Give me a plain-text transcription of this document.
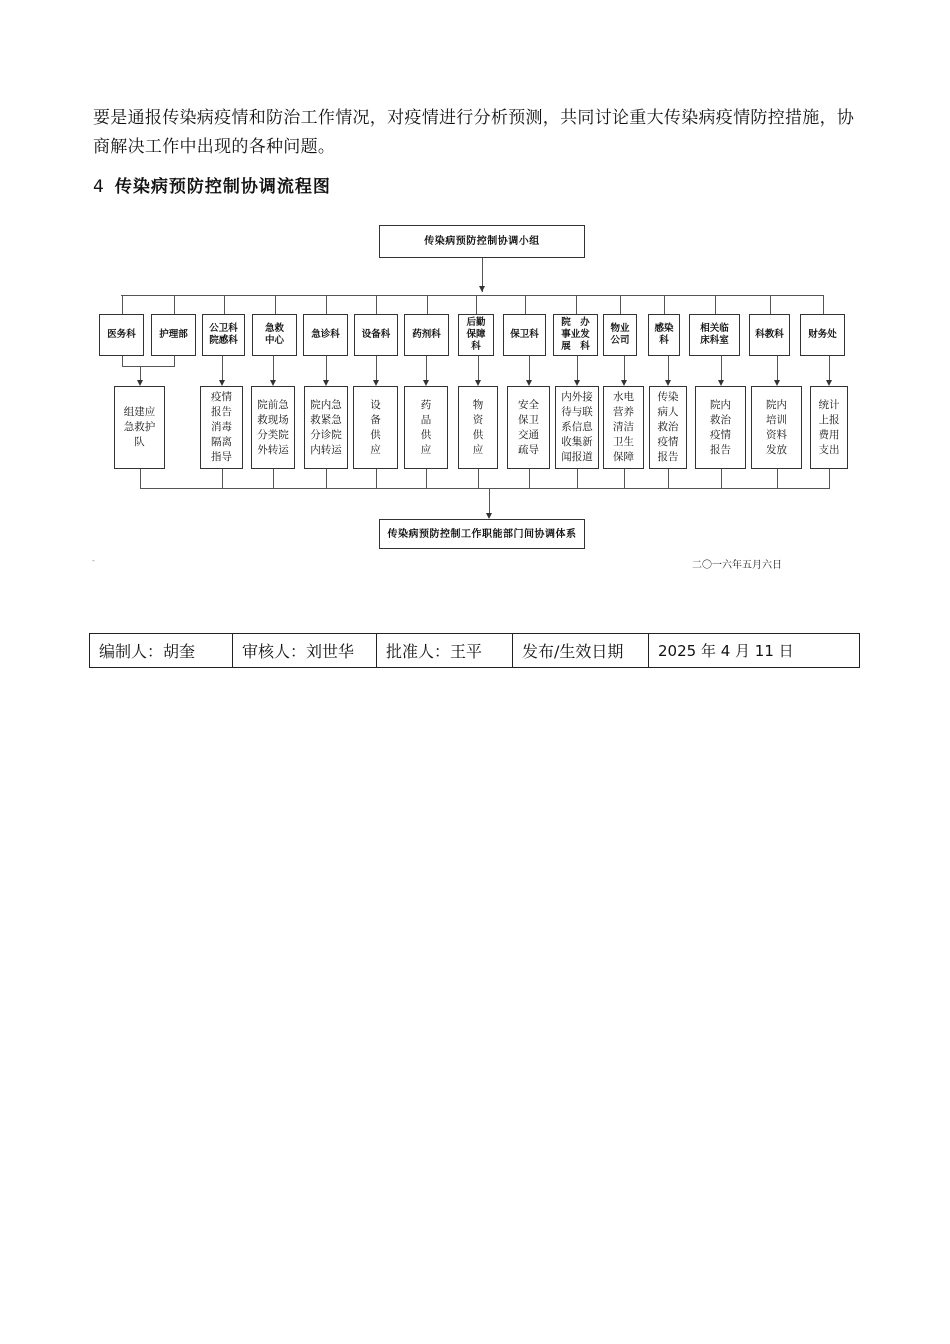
要是通报传染病疫情和防治工作情况，对疫情进行分析预测，共同讨论重大传染病疫情防控措施，协商解决工作中出现的各种问题。
4 传染病预防控制协调流程图
传染病预防控制协调小组
传染病预防控制工作职能部门间协调体系
医务科	护理部
公卫科
院感科
急救
中心
急诊科	设备科	药剂科
后勤
保障
科
保卫科
院　办
事业发
展　科
物业
公司
感染
科
相关临
床科室
科教科	财务处
组建应
急救护
队
疫情
报告
消毒
隔离
指导
院前急
救现场
分类院
外转运
院内急
救紧急
分诊院
内转运
设
备
供
应
药
品
供
应
物
资
供
应
安全
保卫
交通
疏导
内外接
待与联
系信息
收集新
闻报道
水电
营养
清洁
卫生
保障
传染
病人
救治
疫情
报告
院内
救治
疫情
报告
院内
培训
资料
发放
统计
上报
费用
支出
-	二〇一六年五月六日
编制人：胡奎	审核人：刘世华	批准人：王平	发布/生效日期	2025 年 4 月 11 日
